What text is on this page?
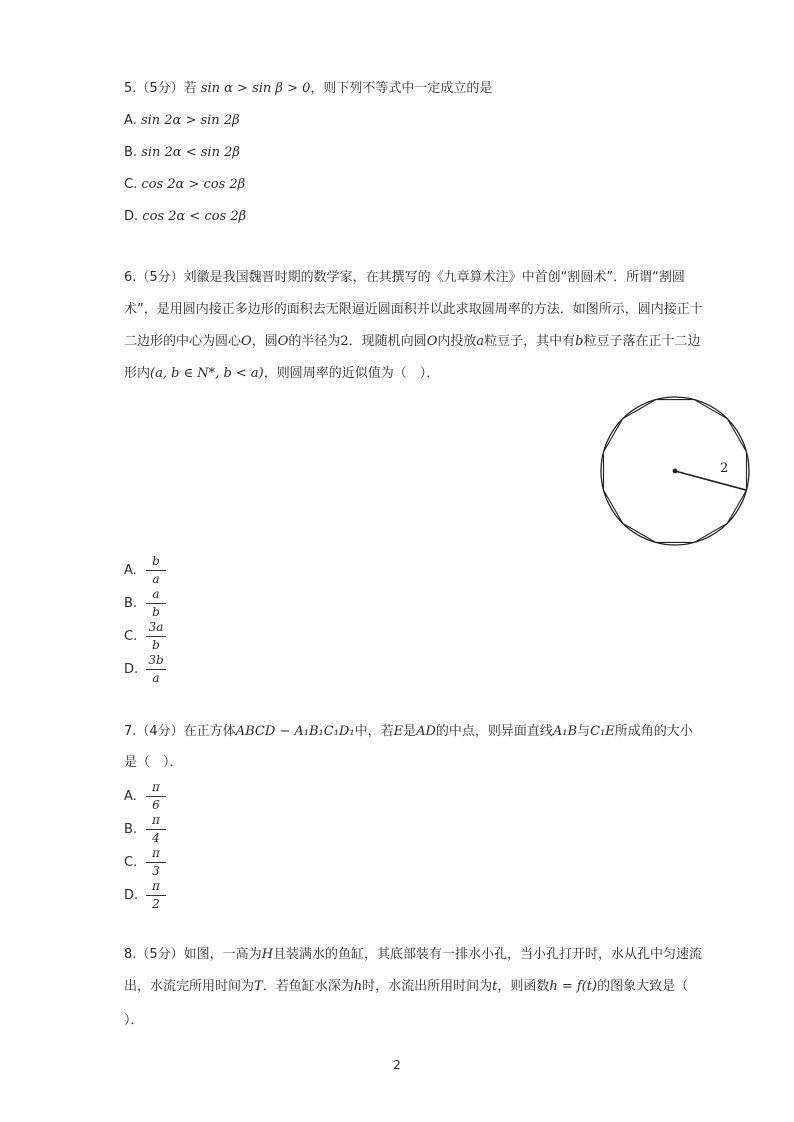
5.（5分）若 sin α > sin β > 0，则下列不等式中一定成立的是
A. sin 2α > sin 2β
B. sin 2α < sin 2β
C. cos 2α > cos 2β
D. cos 2α < cos 2β
6.（5分）刘徽是我国魏晋时期的数学家，在其撰写的《九章算术注》中首创“割圆术”．所谓“割圆
术”，是用圆内接正多边形的面积去无限逼近圆面积并以此求取圆周率的方法．如图所示，圆内接正十
二边形的中心为圆心O，圆O的半径为2．现随机向圆O内投放a粒豆子，其中有b粒豆子落在正十二边
形内(a, b ∈ N*, b < a)，则圆周率的近似值为（　）．
2
A.
b
a
B.
a
b
C.
3a
b
D.
3b
a
7.（4分）在正方体ABCD − A₁B₁C₁D₁中，若E是AD的中点，则异面直线A₁B与C₁E所成角的大小
是（　）．
A.
π
6
B.
π
4
C.
π
3
D.
π
2
8.（5分）如图，一高为H且装满水的鱼缸，其底部装有一排水小孔，当小孔打开时，水从孔中匀速流
出，水流完所用时间为T．若鱼缸水深为h时，水流出所用时间为t，则函数h = f(t)的图象大致是（
）．
2
